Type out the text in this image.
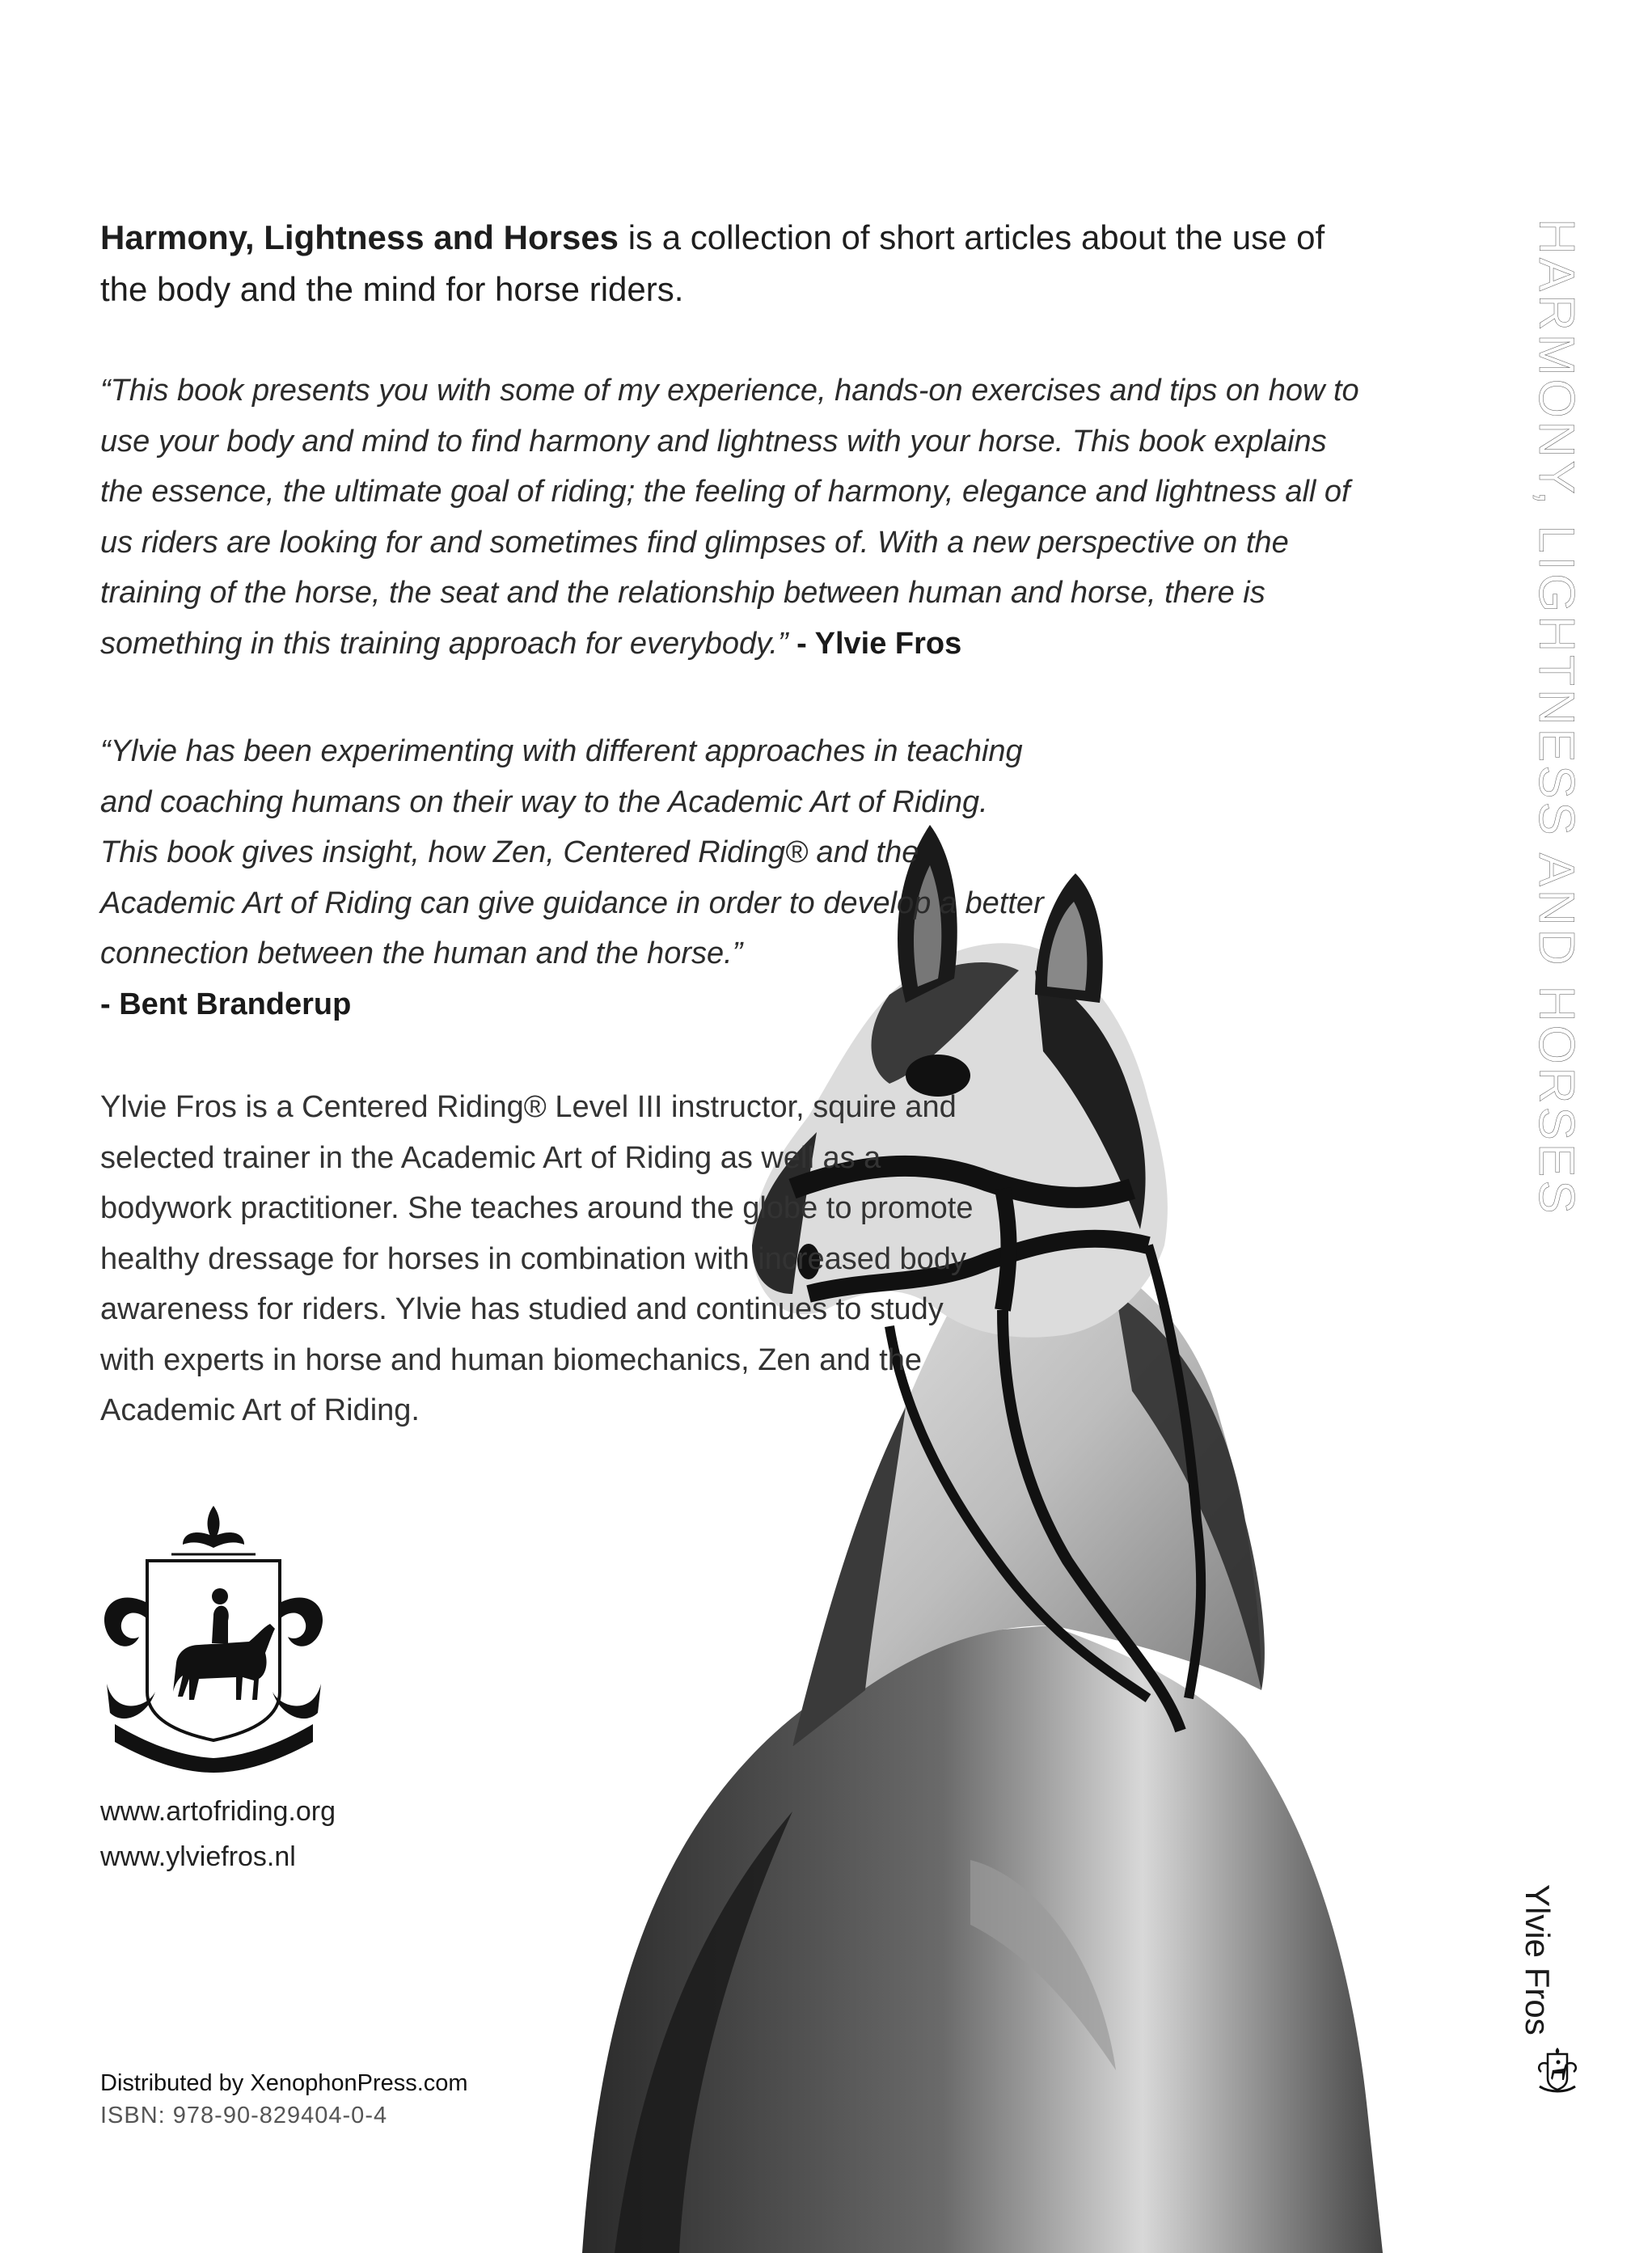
Harmony, Lightness and Horses is a collection of short articles about the use of the body and the mind for horse riders.
“This book presents you with some of my experience, hands-on exercises and tips on how to use your body and mind to find harmony and lightness with your horse. This book explains the essence, the ultimate goal of riding; the feeling of harmony, elegance and lightness all of us riders are looking for and sometimes find glimpses of. With a new perspective on the training of the horse, the seat and the relationship between human and horse, there is something in this training approach for everybody.” - Ylvie Fros
“Ylvie has been experimenting with different approaches in teaching and coaching humans on their way to the Academic Art of Riding. This book gives insight, how Zen, Centered Riding® and the Academic Art of Riding can give guidance in order to develop a better connection between the human and the horse.”
- Bent Branderup
Ylvie Fros is a Centered Riding® Level III instructor, squire and selected trainer in the Academic Art of Riding as well as a bodywork practitioner. She teaches around the globe to promote healthy dressage for horses in combination with increased body awareness for riders. Ylvie has studied and continues to study with experts in horse and human biomechanics, Zen and the Academic Art of Riding.
www.artofriding.org
www.ylviefros.nl
Distributed by XenophonPress.com
ISBN: 978-90-829404-0-4
HARMONY, LIGHTNESS AND HORSES
Ylvie Fros
